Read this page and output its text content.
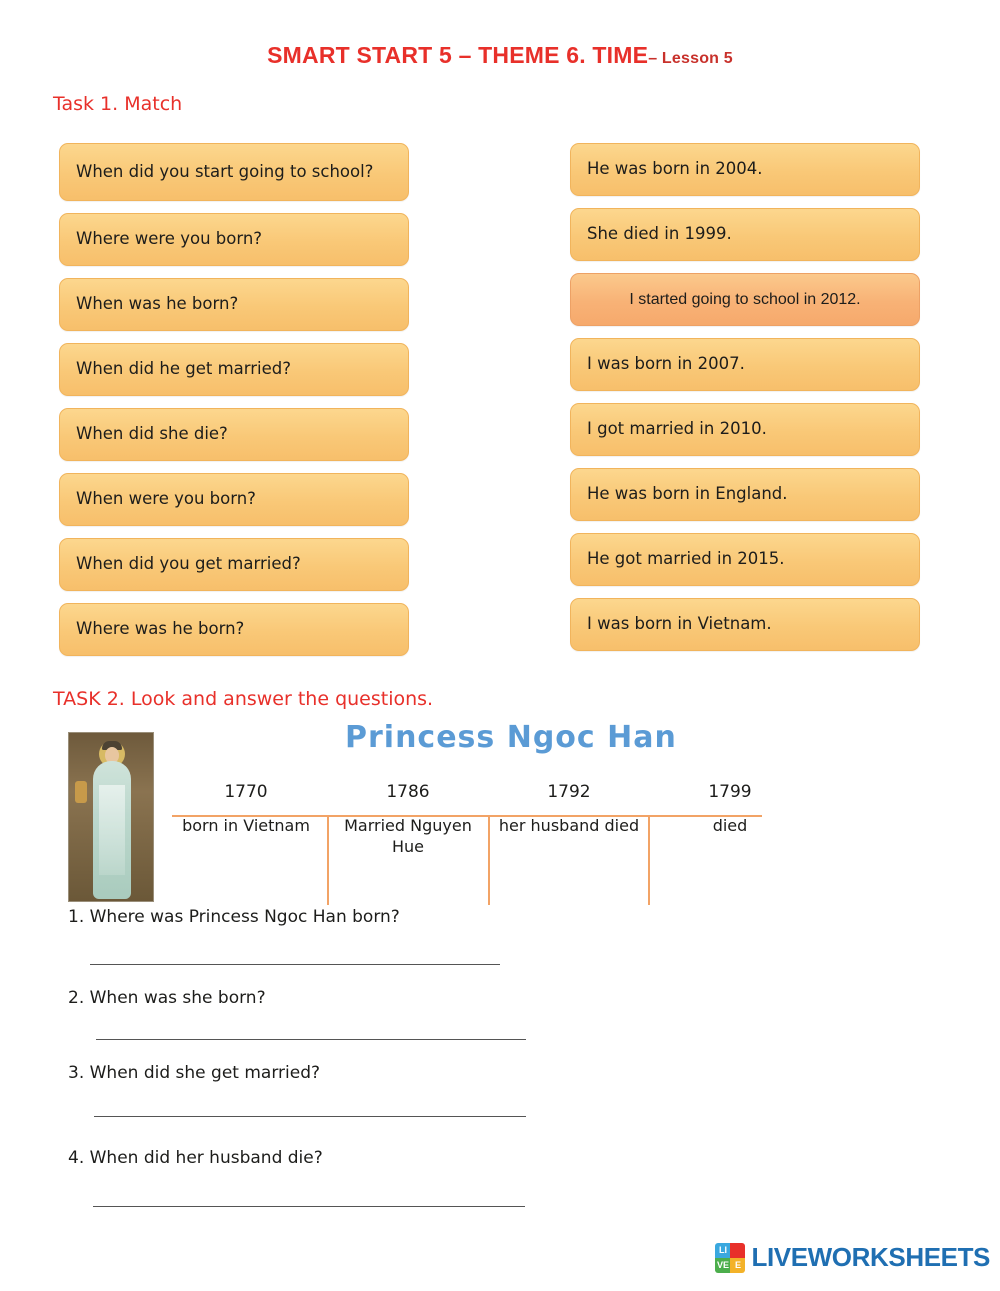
SMART START 5 – THEME 6. TIME– Lesson 5
Task 1. Match
When did you start going to school?
Where were you born?
When was he born?
When did he get married?
When did she die?
When were you born?
When did you get married?
Where was he born?
He was born in 2004.
She died in 1999.
I started going to school in 2012.
I was born in 2007.
I got married in 2010.
He was born in England.
He got married in 2015.
I was born in Vietnam.
TASK 2. Look and answer the questions.
Princess Ngoc Han
1770
born in Vietnam
1786
Married Nguyen Hue
1792
her husband died
1799
died
1. Where was Princess Ngoc Han born?
2. When was she born?
3. When did she get married?
4. When did her husband die?
LI
VE E LIVEWORKSHEETS
